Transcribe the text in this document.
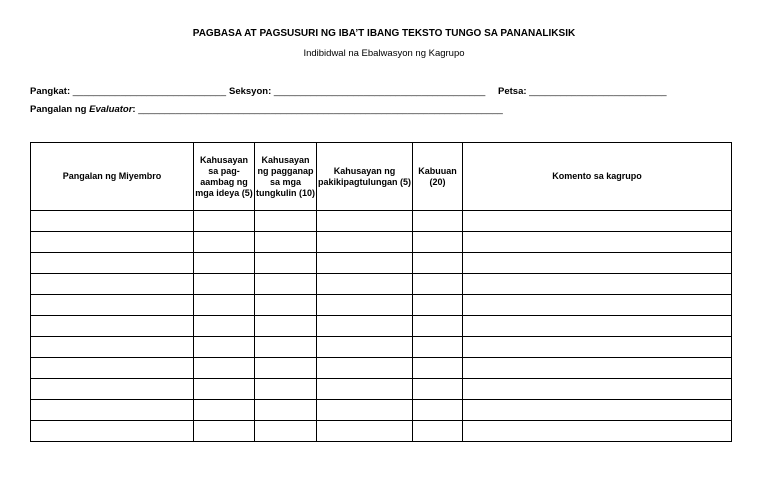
PAGBASA AT PAGSUSURI NG IBA’T IBANG TEKSTO TUNGO SA PANANALIKSIK
Indibidwal na Ebalwasyon ng Kagrupo
Pangkat: _____________________________ Seksyon: ________________________________________ Petsa: __________________________
Pangalan ng Evaluator: _____________________________________________________________________
Pangalan ng Miyembro	Kahusayan sa pag-aambag ng mga ideya (5)	Kahusayan ng pagganap sa mga tungkulin (10)	Kahusayan ng pakikipagtulungan (5)	Kabuuan (20)	Komento sa kagrupo
